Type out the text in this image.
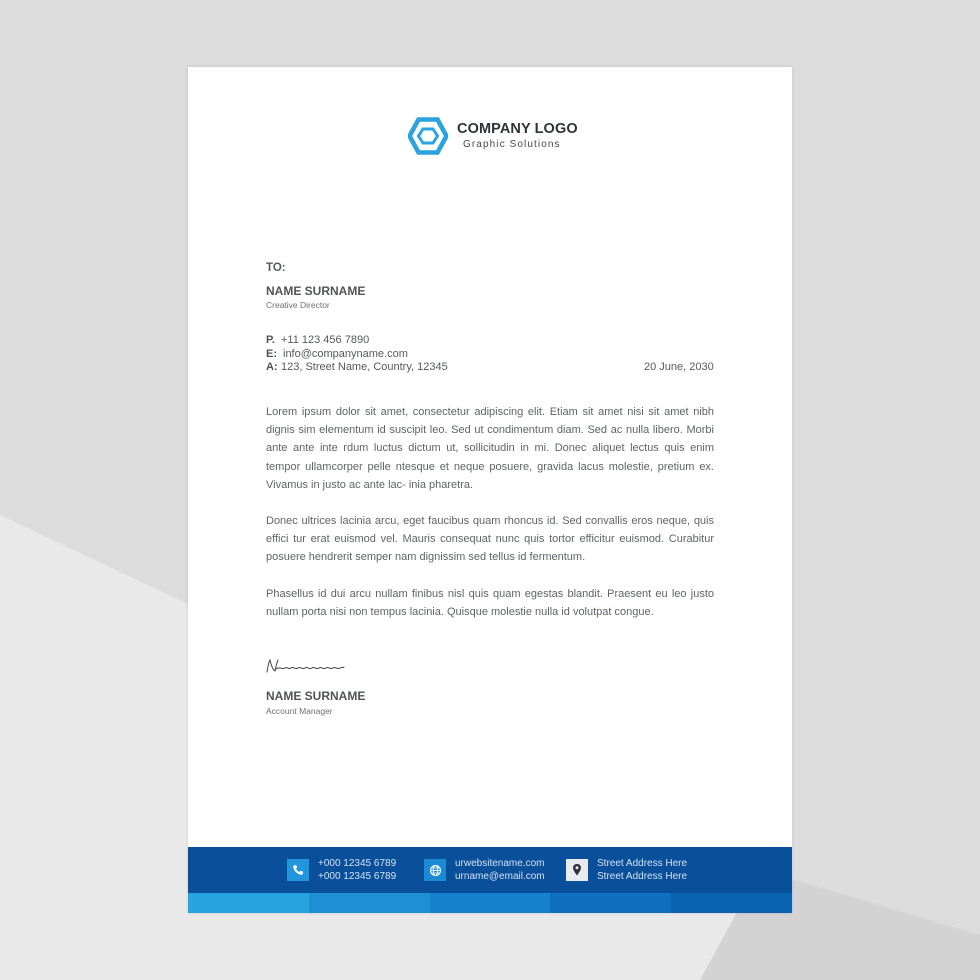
COMPANY LOGO
Graphic Solutions
TO:
NAME SURNAME
Creative Director
P. +11 123 456 7890
E: info@companyname.com
A: 123, Street Name, Country, 12345	20 June, 2030

Lorem ipsum dolor sit amet, consectetur adipiscing elit. Etiam sit amet nisi sit amet nibh dignis sim elementum id suscipit leo. Sed ut condimentum diam. Sed ac nulla libero. Morbi ante ante inte rdum luctus dictum ut, sollicitudin in mi. Donec aliquet lectus quis enim tempor ullamcorper pelle ntesque et neque posuere, gravida lacus molestie, pretium ex. Vivamus in justo ac ante lac- inia pharetra.

Donec ultrices lacinia arcu, eget faucibus quam rhoncus id. Sed convallis eros neque, quis effici tur erat euismod vel. Mauris consequat nunc quis tortor efficitur euismod. Curabitur posuere hendrerit semper nam dignissim sed tellus id fermentum.

Phasellus id dui arcu nullam finibus nisl quis quam egestas blandit. Praesent eu leo justo nullam porta nisi non tempus lacinia. Quisque molestie nulla id volutpat congue.

NAME SURNAME
Account Manager
+000 12345 6789
+000 12345 6789
urwebsitename.com
urname@email.com
Street Address Here
Street Address Here
